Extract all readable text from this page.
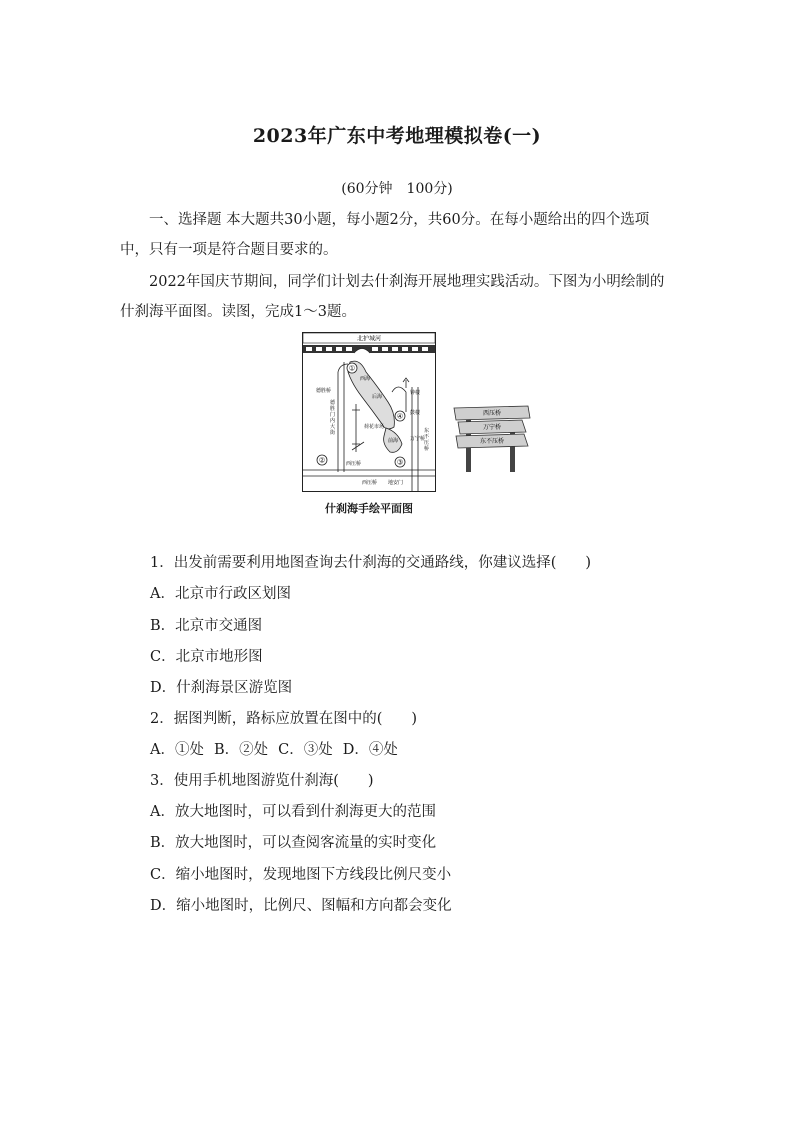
2023年广东中考地理模拟卷(一)
(60分钟　100分)
一、选择题 本大题共30小题，每小题2分，共60分。在每小题给出的四个选项中，只有一项是符合题目要求的。
2022年国庆节期间，同学们计划去什刹海开展地理实践活动。下图为小明绘制的什刹海平面图。读图，完成1～3题。
北护城河
西海
后海
前海
①
②	③
④
德胜桥	钟楼
鼓楼
万宁桥
荷花市场
西压桥
西压桥 地安门
德胜门内大街	东不压桥
西压桥
万宁桥
东不压桥
什刹海手绘平面图
1．出发前需要利用地图查询去什刹海的交通路线，你建议选择(　　)
A．北京市行政区划图
B．北京市交通图
C．北京市地形图
D．什刹海景区游览图
2．据图判断，路标应放置在图中的(　　)
A．①处 B．②处 C．③处 D．④处
3．使用手机地图游览什刹海(　　)
A．放大地图时，可以看到什刹海更大的范围
B．放大地图时，可以查阅客流量的实时变化
C．缩小地图时，发现地图下方线段比例尺变小
D．缩小地图时，比例尺、图幅和方向都会变化
